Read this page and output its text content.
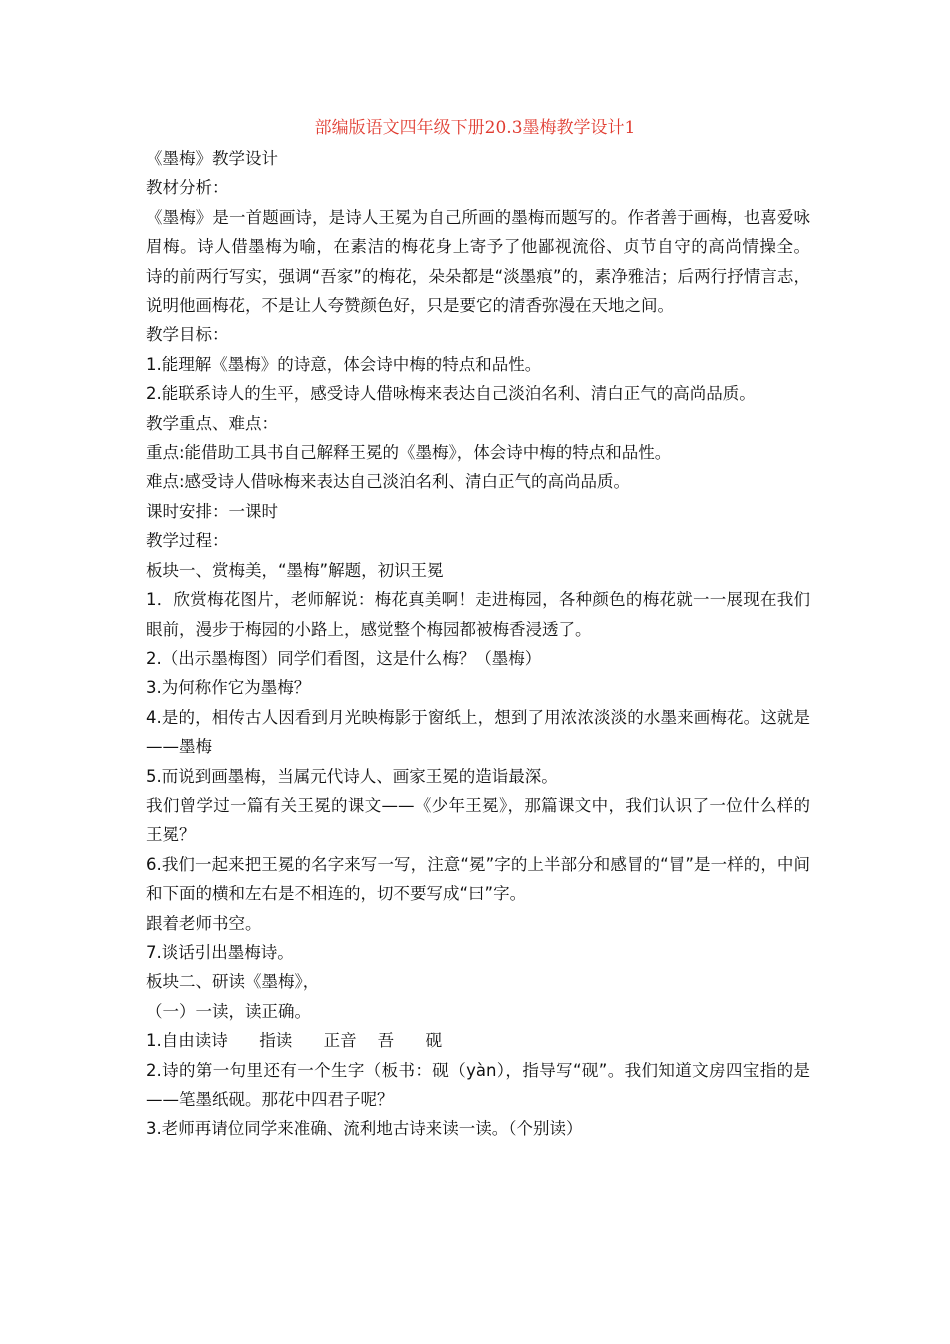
部编版语文四年级下册20.3墨梅教学设计1

《墨梅》教学设计

教材分析：

《墨梅》是一首题画诗，是诗人王冕为自己所画的墨梅而题写的。作者善于画梅，也喜爱咏眉梅。诗人借墨梅为喻，在素洁的梅花身上寄予了他鄙视流俗、贞节自守的高尚情操全。    诗的前两行写实，强调“吾家”的梅花，朵朵都是“淡墨痕”的，素净雅洁；后两行抒情言志，说明他画梅花，不是让人夸赞颜色好，只是要它的清香弥漫在天地之间。

教学目标：

1.能理解《墨梅》的诗意，体会诗中梅的特点和品性。

2.能联系诗人的生平，感受诗人借咏梅来表达自己淡泊名利、清白正气的高尚品质。

教学重点、难点：

重点:能借助工具书自己解释王冕的《墨梅》，体会诗中梅的特点和品性。

难点:感受诗人借咏梅来表达自己淡泊名利、清白正气的高尚品质。

课时安排：一课时

教学过程：

板块一、赏梅美，“墨梅”解题，初识王冕

1．欣赏梅花图片，老师解说：梅花真美啊！走进梅园，各种颜色的梅花就一一展现在我们眼前，漫步于梅园的小路上，感觉整个梅园都被梅香浸透了。

2.（出示墨梅图）同学们看图，这是什么梅？（墨梅）

3.为何称作它为墨梅？

4.是的，相传古人因看到月光映梅影于窗纸上，想到了用浓浓淡淡的水墨来画梅花。这就是——墨梅

5.而说到画墨梅，当属元代诗人、画家王冕的造诣最深。

我们曾学过一篇有关王冕的课文——《少年王冕》，那篇课文中，我们认识了一位什么样的王冕？

6.我们一起来把王冕的名字来写一写，注意“冕”字的上半部分和感冒的“冒”是一样的，中间和下面的横和左右是不相连的，切不要写成“曰”字。

跟着老师书空。

7.谈话引出墨梅诗。

板块二、研读《墨梅》，

（一）一读，读正确。

1.自由读诗      指读      正音    吾      砚

2.诗的第一句里还有一个生字（板书：砚（yàn），指导写“砚”。我们知道文房四宝指的是——笔墨纸砚。那花中四君子呢？

3.老师再请位同学来准确、流利地古诗来读一读。（个别读）
